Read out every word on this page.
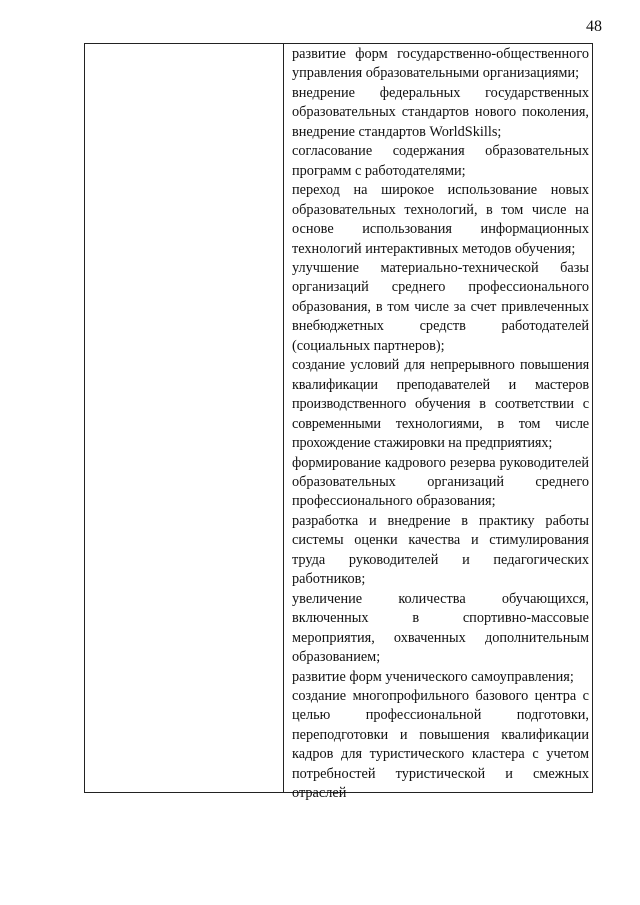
48

развитие форм государственно-общественного управления образовательными организациями;

внедрение федеральных государственных образовательных стандартов нового поколения, внедрение стандартов WorldSkills;

согласование содержания образовательных программ с работодателями;

переход на широкое использование новых образовательных технологий, в том числе на основе использования информационных технологий интерактивных методов обучения;

улучшение материально-технической базы организаций среднего профессионального образования, в том числе за счет привлеченных внебюджетных средств работодателей (социальных партнеров);

создание условий для непрерывного повышения квалификации преподавателей и мастеров производственного обучения в соответствии с современными технологиями, в том числе прохождение стажировки на предприятиях;

формирование кадрового резерва руководителей образовательных организаций среднего профессионального образования;

разработка и внедрение в практику работы системы оценки качества и стимулирования труда руководителей и педагогических работников;

увеличение количества обучающихся, включенных в спортивно-массовые мероприятия, охваченных дополнительным образованием;

развитие форм ученического самоуправления;

создание многопрофильного базового центра с целью профессиональной подготовки, переподготовки и повышения квалификации кадров для туристического кластера с учетом потребностей туристической и смежных отраслей
